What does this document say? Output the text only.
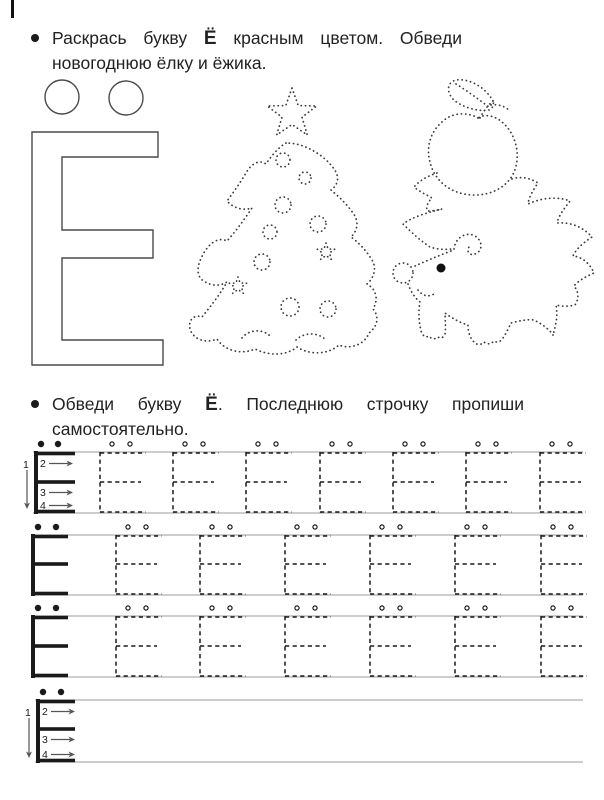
Раскрась букву Ё красным цветом. Обведи
новогоднюю ёлку и ёжика.
Обведи букву Ё. Последнюю строчку пропиши
самостоятельно.
1 2
3
4
1 2
3
4
